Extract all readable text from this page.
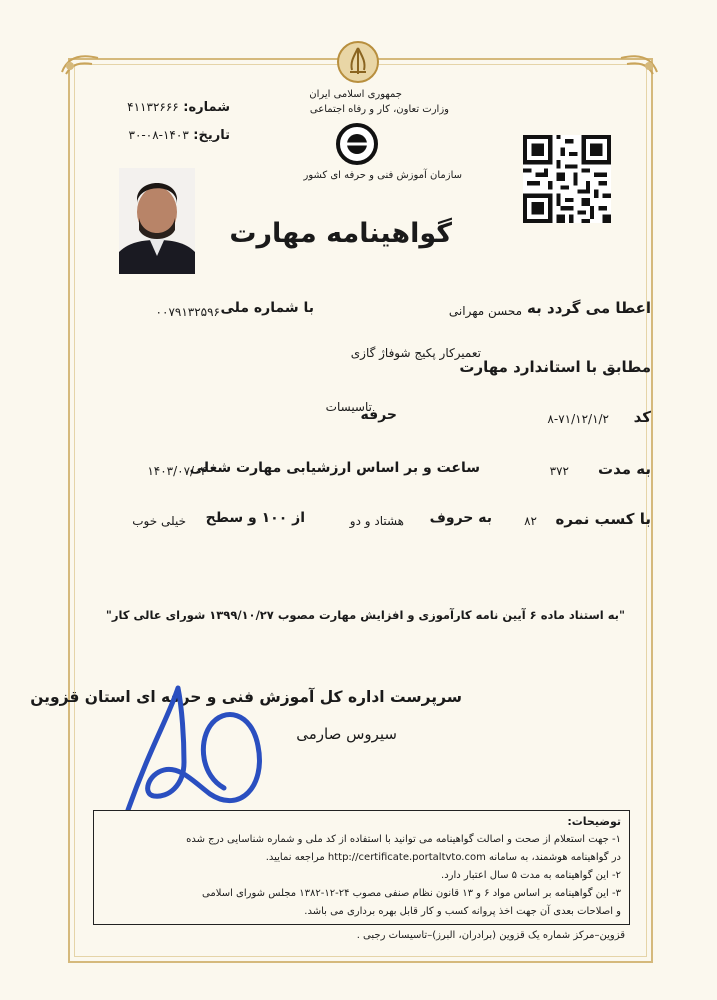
شماره: ۴۱۱۳۲۶۶۶
تاریخ: ۱۴۰۳-۰۸-۳۰
جمهوری اسلامی ایران
وزارت تعاون، کار و رفاه اجتماعی
سازمان آموزش فنی و حرفه ای کشور
گواهینامه مهارت
اعطا می گردد به
محسن مهرانی
با شماره ملی
۰۰۷۹۱۳۲۵۹۶
مطابق با استاندارد مهارت
تعمیرکار پکیج شوفاژ گازی
کد
۸-۷۱/۱۲/۱/۲
حرفه
تاسیسات
به مدت
۳۷۲
ساعت و بر اساس ارزشیابی مهارت شغلی
۱۴۰۳/۰۷/۰۴
با کسب نمره
۸۲
به حروف
هشتاد و دو
از ۱۰۰ و سطح
خیلی خوب
"به استناد ماده ۶ آیین نامه کارآموزی و افزایش مهارت مصوب ۱۳۹۹/۱۰/۲۷ شورای عالی کار"
سرپرست اداره کل آموزش فنی و حرفه ای استان قزوین
سیروس صارمی
توضیحات:
۱- جهت استعلام از صحت و اصالت گواهینامه می توانید با استفاده از کد ملی و شماره شناسایی درج شده
در گواهینامه هوشمند، به سامانه http://certificate.portaltvto.com مراجعه نمایید.
۲- این گواهینامه به مدت ۵ سال اعتبار دارد.
۳- این گواهینامه بر اساس مواد ۶ و ۱۳ قانون نظام صنفی مصوب ۲۴-۱۲-۱۳۸۲ مجلس شورای اسلامی
و اصلاحات بعدی آن جهت اخذ پروانه کسب و کار قابل بهره برداری می باشد.
قزوین–مرکز شماره یک قزوین (برادران، البرز)–تاسیسات رجبی .
